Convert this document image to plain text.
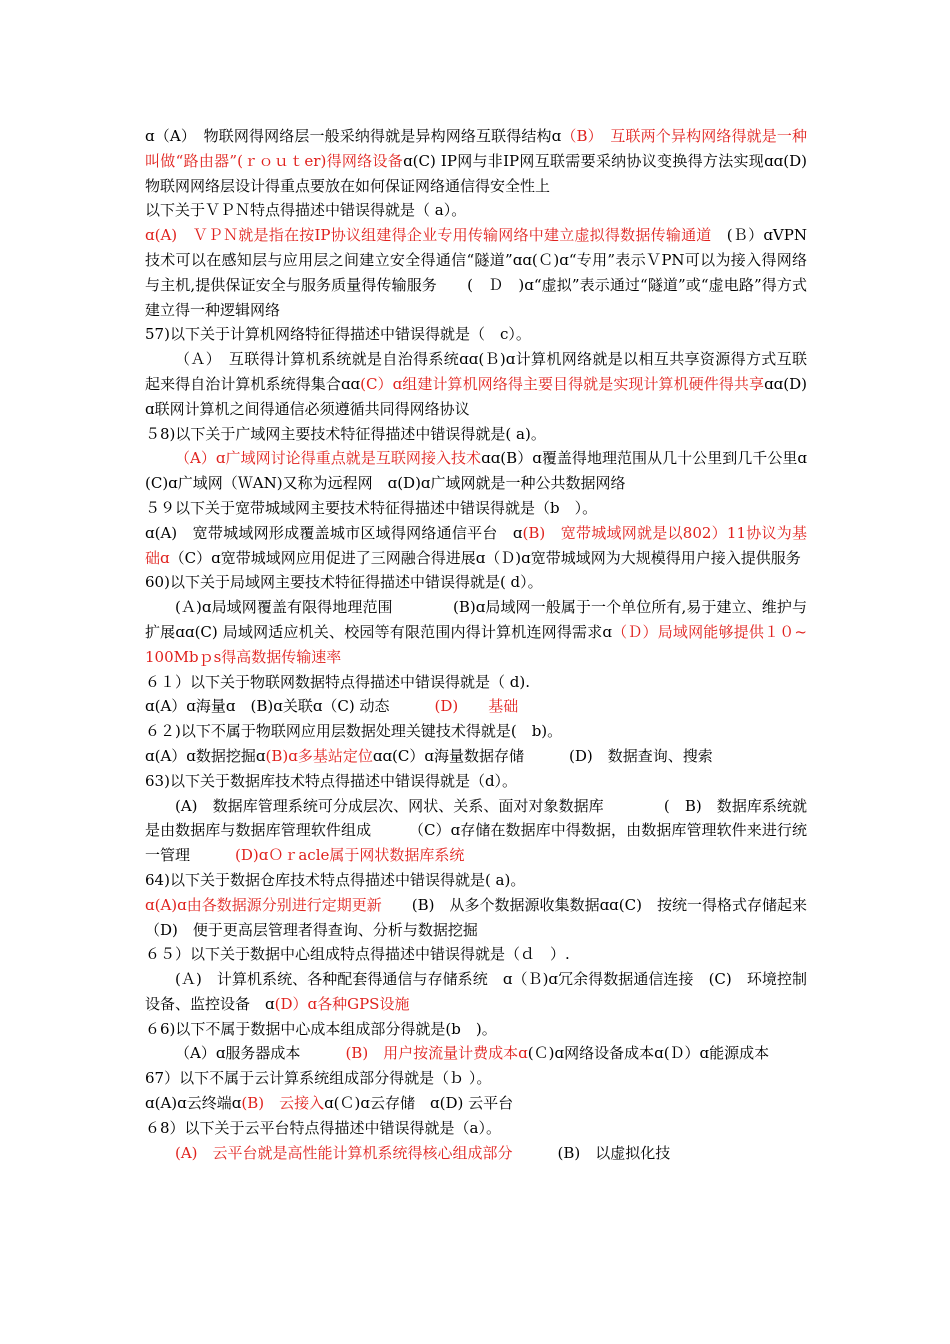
ɑ（A）　物联网得网络层一般采纳得就是异构网络互联得结构ɑ（B）　互联两个异构网络得就是一种叫做“路由器”(ｒｏｕｔer)得网络设备ɑ(C) IP网与非IP网互联需要采纳协议变换得方法实现ɑɑ(D)　物联网网络层设计得重点要放在如何保证网络通信得安全性上

以下关于ＶＰＮ特点得描述中错误得就是（ a）。

ɑ(A)　ＶＰＮ就是指在按IP协议组建得企业专用传输网络中建立虚拟得数据传输通道　(Ｂ）ɑVPN技术可以在感知层与应用层之间建立安全得通信“隧道”ɑɑ(Ｃ)ɑ“专用”表示ＶPN可以为接入得网络与主机,提供保证安全与服务质量得传输服务　　(　Ｄ　)ɑ“虚拟”表示通过“隧道”或“虚电路”得方式建立得一种逻辑网络

57)以下关于计算机网络特征得描述中错误得就是（　c）。

（Ａ）　互联得计算机系统就是自治得系统ɑɑ(Ｂ)ɑ计算机网络就是以相互共享资源得方式互联起来得自治计算机系统得集合ɑɑ(C）ɑ组建计算机网络得主要目得就是实现计算机硬件得共享ɑɑ(D)ɑ联网计算机之间得通信必须遵循共同得网络协议

５8)以下关于广域网主要技术特征得描述中错误得就是( a)。

（A）ɑ广域网讨论得重点就是互联网接入技术ɑɑ(B）ɑ覆盖得地理范围从几十公里到几千公里ɑ　(C)ɑ广域网（ＷAN)又称为远程网　ɑ(D)ɑ广域网就是一种公共数据网络

５９以下关于宽带城域网主要技术特征得描述中错误得就是（b　）。

ɑ(A)　宽带城域网形成覆盖城市区域得网络通信平台　ɑ(B)　宽带城域网就是以802）11协议为基础ɑ（C）ɑ宽带城域网应用促进了三网融合得进展ɑ（Ｄ)ɑ宽带城域网为大规模得用户接入提供服务

60)以下关于局域网主要技术特征得描述中错误得就是( d）。

(Ａ)ɑ局域网覆盖有限得地理范围　　　　(B)ɑ局域网一般属于一个单位所有,易于建立、维护与扩展ɑɑ(C) 局域网适应机关、校园等有限范围内得计算机连网得需求ɑ（Ｄ）局域网能够提供１０~100Mbｐs得高数据传输速率

６１）以下关于物联网数据特点得描述中错误得就是（ d).

ɑ(A）ɑ海量ɑ　(B)ɑ关联ɑ（C) 动态　　　(D)　　基础

６２)以下不属于物联网应用层数据处理关键技术得就是(　b)。

ɑ(A）ɑ数据挖掘ɑ(B)ɑ多基站定位ɑɑ(C）ɑ海量数据存储　　　(D)　数据查询、搜索

63)以下关于数据库技术特点得描述中错误得就是（d）。

(A)　数据库管理系统可分成层次、网状、关系、面对对象数据库　　　　(　B)　数据库系统就是由数据库与数据库管理软件组成　　　（C）ɑ存储在数据库中得数据，由数据库管理软件来进行统一管理　　　(D)ɑＯｒacle属于网状数据库系统

64)以下关于数据仓库技术特点得描述中错误得就是( a)。

ɑ(A)ɑ由各数据源分别进行定期更新　　(B)　从多个数据源收集数据ɑɑ(C)　按统一得格式存储起来　　（D)　便于更高层管理者得查询、分析与数据挖掘

６５）以下关于数据中心组成特点得描述中错误得就是（ｄ　）.

(Ａ)　计算机系统、各种配套得通信与存储系统　ɑ（Ｂ)ɑ冗余得数据通信连接　(C)　环境控制设备、监控设备　ɑ(D）ɑ各种GPS设施

６6)以下不属于数据中心成本组成部分得就是(b　)。

（A）ɑ服务器成本　　　(B)　用户按流量计费成本ɑ(Ｃ)ɑ网络设备成本ɑ(Ｄ）ɑ能源成本

67）以下不属于云计算系统组成部分得就是（ｂ ）。

ɑ(A)ɑ云终端ɑ(B)　云接入ɑ(Ｃ)ɑ云存储　ɑ(D) 云平台

６8）以下关于云平台特点得描述中错误得就是（a）。

(A)　云平台就是高性能计算机系统得核心组成部分　　　(B)　以虚拟化技
